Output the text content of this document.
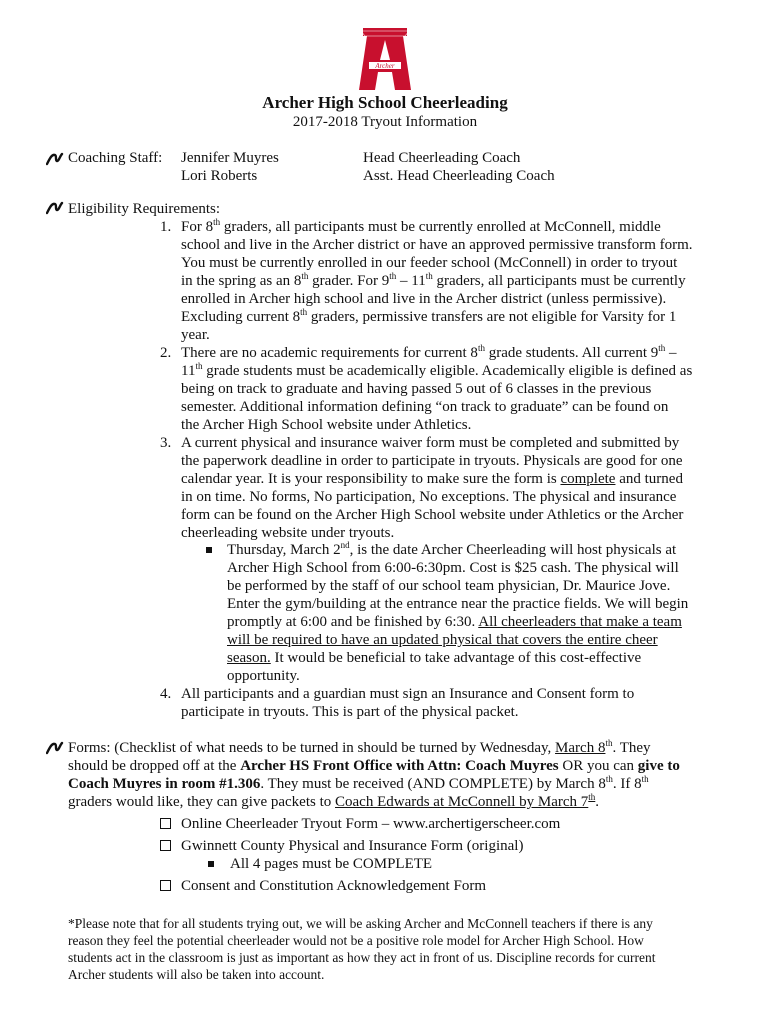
Archer
Archer High School Cheerleading
2017-2018 Tryout Information
Coaching Staff: Jennifer Muyres	Head Cheerleading Coach
Lori Roberts	Asst. Head Cheerleading Coach
Eligibility Requirements:
1. For 8th graders, all participants must be currently enrolled at McConnell, middle
school and live in the Archer district or have an approved permissive transform form.
You must be currently enrolled in our feeder school (McConnell) in order to tryout
in the spring as an 8th grader. For 9th – 11th graders, all participants must be currently
enrolled in Archer high school and live in the Archer district (unless permissive).
Excluding current 8th graders, permissive transfers are not eligible for Varsity for 1
year.
2. There are no academic requirements for current 8th grade students. All current 9th –
11th grade students must be academically eligible. Academically eligible is defined as
being on track to graduate and having passed 5 out of 6 classes in the previous
semester. Additional information defining “on track to graduate” can be found on
the Archer High School website under Athletics.
3. A current physical and insurance waiver form must be completed and submitted by
the paperwork deadline in order to participate in tryouts. Physicals are good for one
calendar year. It is your responsibility to make sure the form is complete and turned
in on time. No forms, No participation, No exceptions. The physical and insurance
form can be found on the Archer High School website under Athletics or the Archer
cheerleading website under tryouts.
Thursday, March 2nd, is the date Archer Cheerleading will host physicals at
Archer High School from 6:00-6:30pm. Cost is $25 cash. The physical will
be performed by the staff of our school team physician, Dr. Maurice Jove.
Enter the gym/building at the entrance near the practice fields. We will begin
promptly at 6:00 and be finished by 6:30. All cheerleaders that make a team
will be required to have an updated physical that covers the entire cheer
season. It would be beneficial to take advantage of this cost-effective
opportunity.
4. All participants and a guardian must sign an Insurance and Consent form to
participate in tryouts. This is part of the physical packet.
Forms: (Checklist of what needs to be turned in should be turned by Wednesday, March 8th. They
should be dropped off at the Archer HS Front Office with Attn: Coach Muyres OR you can give to
Coach Muyres in room #1.306. They must be received (AND COMPLETE) by March 8th. If 8th
graders would like, they can give packets to Coach Edwards at McConnell by March 7th.
Online Cheerleader Tryout Form – www.archertigerscheer.com
Gwinnett County Physical and Insurance Form (original)
All 4 pages must be COMPLETE
Consent and Constitution Acknowledgement Form
*Please note that for all students trying out, we will be asking Archer and McConnell teachers if there is any
reason they feel the potential cheerleader would not be a positive role model for Archer High School. How
students act in the classroom is just as important as how they act in front of us. Discipline records for current
Archer students will also be taken into account.
